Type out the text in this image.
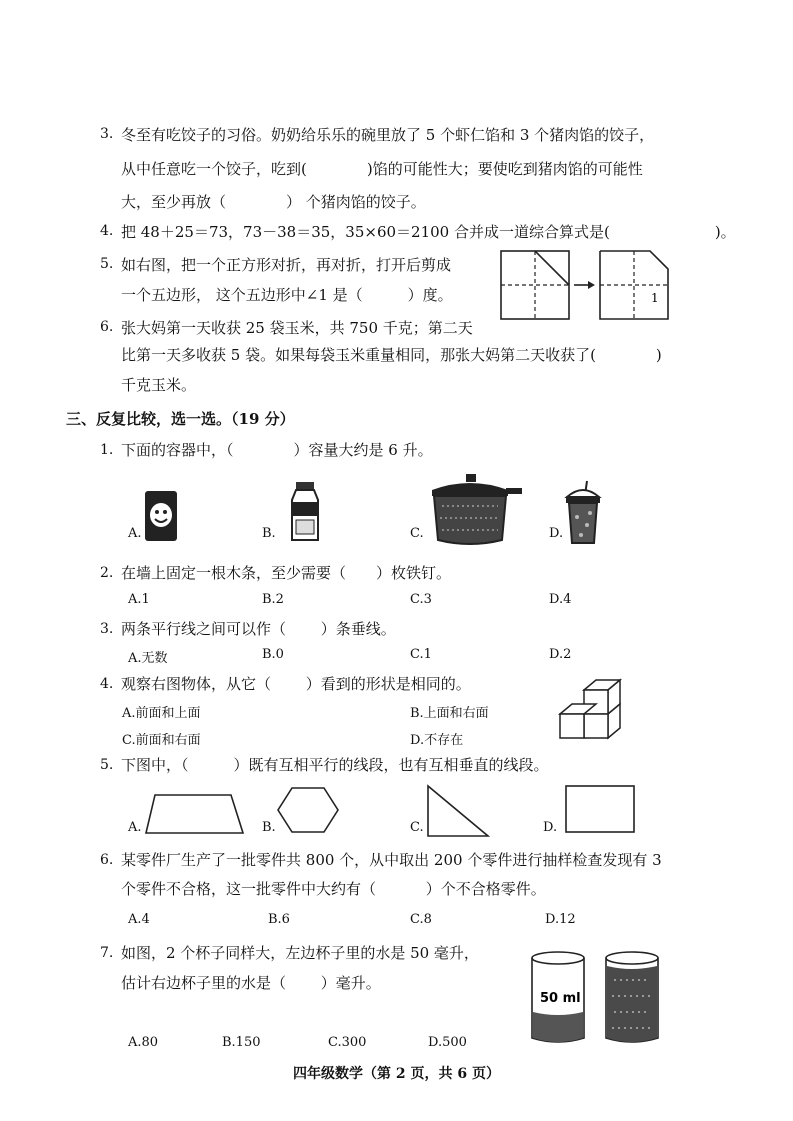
3. 冬至有吃饺子的习俗。奶奶给乐乐的碗里放了 5 个虾仁馅和 3 个猪肉馅的饺子，
从中任意吃一个饺子，吃到(　　　　)馅的可能性大；要使吃到猪肉馅的可能性
大，至少再放（　　　　） 个猪肉馅的饺子。
4. 把 48＋25＝73，73－38＝35，35×60＝2100 合并成一道综合算式是(　　　　　　　)。
5. 如右图，把一个正方形对折，再对折，打开后剪成
一个五边形， 这个五边形中∠1 是（　　　）度。	1
6. 张大妈第一天收获 25 袋玉米，共 750 千克；第二天
比第一天多收获 5 袋。如果每袋玉米重量相同，那张大妈第二天收获了(　　　　)
千克玉米。
三、反复比较，选一选。（19 分）
1. 下面的容器中，（　　　　）容量大约是 6 升。
A.	B.	C.	D.
2. 在墙上固定一根木条，至少需要（　　）枚铁钉。
A.1	B.2	C.3	D.4
3. 两条平行线之间可以作（　　 ）条垂线。
A.无数	B.0	C.1	D.2
4. 观察右图物体，从它（　　 ）看到的形状是相同的。
A.前面和上面	B.上面和右面
C.前面和右面	D.不存在
5. 下图中，（　　　）既有互相平行的线段，也有互相垂直的线段。
A.	B.	C.	D.
6. 某零件厂生产了一批零件共 800 个，从中取出 200 个零件进行抽样检查发现有 3
个零件不合格，这一批零件中大约有（　　　 ）个不合格零件。
A.4	B.6	C.8	D.12
7. 如图，2 个杯子同样大，左边杯子里的水是 50 毫升，
估计右边杯子里的水是（　　 ）毫升。
50 ml
A.80	B.150	C.300	D.500
四年级数学（第 2 页，共 6 页）
